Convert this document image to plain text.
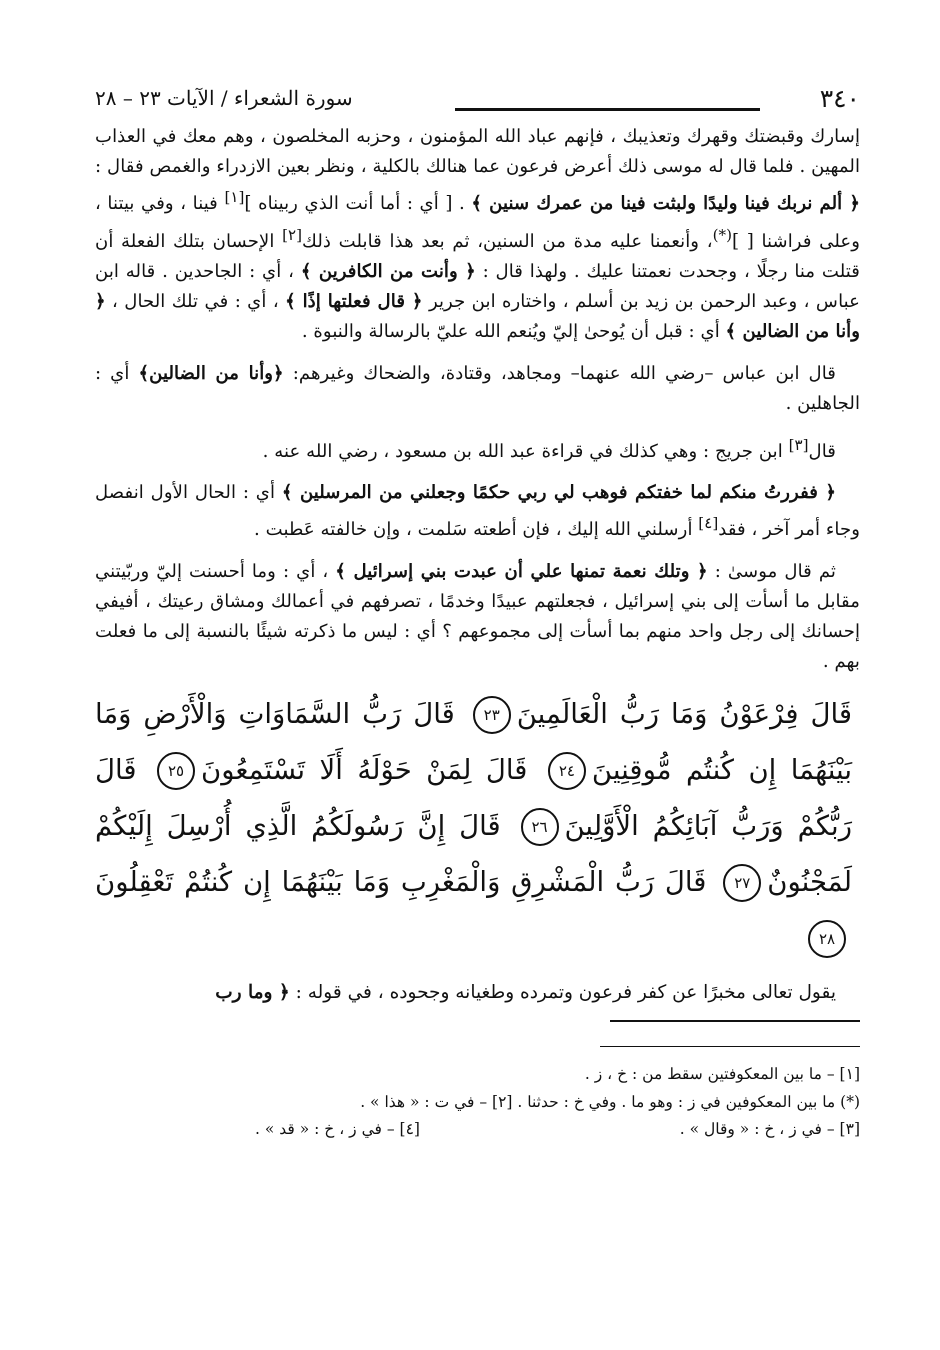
٣٤٠
سورة الشعراء / الآيات ٢٣ – ٢٨

إسارك وقبضتك وقهرك وتعذيبك ، فإنهم عباد الله المؤمنون ، وحزبه المخلصون ، وهم معك في العذاب المهين . فلما قال له موسى ذلك أعرض فرعون عما هنالك بالكلية ، ونظر بعين الازدراء والغمص فقال : ﴿ ألم نربك فينا وليدًا ولبثت فينا من عمرك سنين ﴾ . [ أي : أما أنت الذي ربيناه ][١] فينا ، وفي بيتنا ، وعلى فراشنا [ ](*)، وأنعمنا عليه مدة من السنين، ثم بعد هذا قابلت ذلك[٢] الإحسان بتلك الفعلة أن قتلت منا رجلًا ، وجحدت نعمتنا عليك . ولهذا قال : ﴿ وأنت من الكافرين ﴾ ، أي : الجاحدين . قاله ابن عباس ، وعبد الرحمن بن زيد بن أسلم ، واختاره ابن جرير ﴿ قال فعلتها إذًا ﴾ ، أي : في تلك الحال ، ﴿ وأنا من الضالين ﴾ أي : قبل أن يُوحىٰ إليّ ويُنعم الله عليّ بالرسالة والنبوة .

قال ابن عباس –رضي الله عنهما– ومجاهد، وقتادة، والضحاك وغيرهم: ﴿وأنا من الضالين﴾ أي : الجاهلين .

قال[٣] ابن جريج : وهي كذلك في قراءة عبد الله بن مسعود ، رضي الله عنه .

﴿ ففررتُ منكم لما خفتكم فوهب لي ربي حكمًا وجعلني من المرسلين ﴾ أي : الحال الأول انفصل وجاء أمر آخر ، فقد[٤] أرسلني الله إليك ، فإن أطعته سَلمت ، وإن خالفته عَطبت .

ثم قال موسىٰ : ﴿ وتلك نعمة تمنها علي أن عبدت بني إسرائيل ﴾ ، أي : وما أحسنت إليّ وربّيتني مقابل ما أسأت إلى بني إسرائيل ، فجعلتهم عبيدًا وخدمًا ، تصرفهم في أعمالك ومشاق رعيتك ، أفيفي إحسانك إلى رجل واحد منهم بما أسأت إلى مجموعهم ؟ أي : ليس ما ذكرته شيئًا بالنسبة إلى ما فعلت بهم .

قَالَ فِرْعَوْنُ وَمَا رَبُّ الْعَالَمِينَ٢٣ قَالَ رَبُّ السَّمَاوَاتِ وَالْأَرْضِ وَمَا بَيْنَهُمَا إِن كُنتُم مُّوقِنِينَ٢٤ قَالَ لِمَنْ حَوْلَهُ أَلَا تَسْتَمِعُونَ٢٥ قَالَ رَبُّكُمْ وَرَبُّ آبَائِكُمُ الْأَوَّلِينَ٢٦ قَالَ إِنَّ رَسُولَكُمُ الَّذِي أُرْسِلَ إِلَيْكُمْ لَمَجْنُونٌ٢٧ قَالَ رَبُّ الْمَشْرِقِ وَالْمَغْرِبِ وَمَا بَيْنَهُمَا إِن كُنتُمْ تَعْقِلُونَ٢٨

يقول تعالى مخبرًا عن كفر فرعون وتمرده وطغيانه وجحوده ، في قوله : ﴿ وما رب

[١] – ما بين المعكوفتين سقط من : خ ، ز .
(*) ما بين المعكوفين في ز : وهو ما . وفي خ : حدثنا . [٢] – في ت : « هذا » .
[٣] – في ز ، خ : « وقال » .
[٤] – في ز ، خ : « قد » .
